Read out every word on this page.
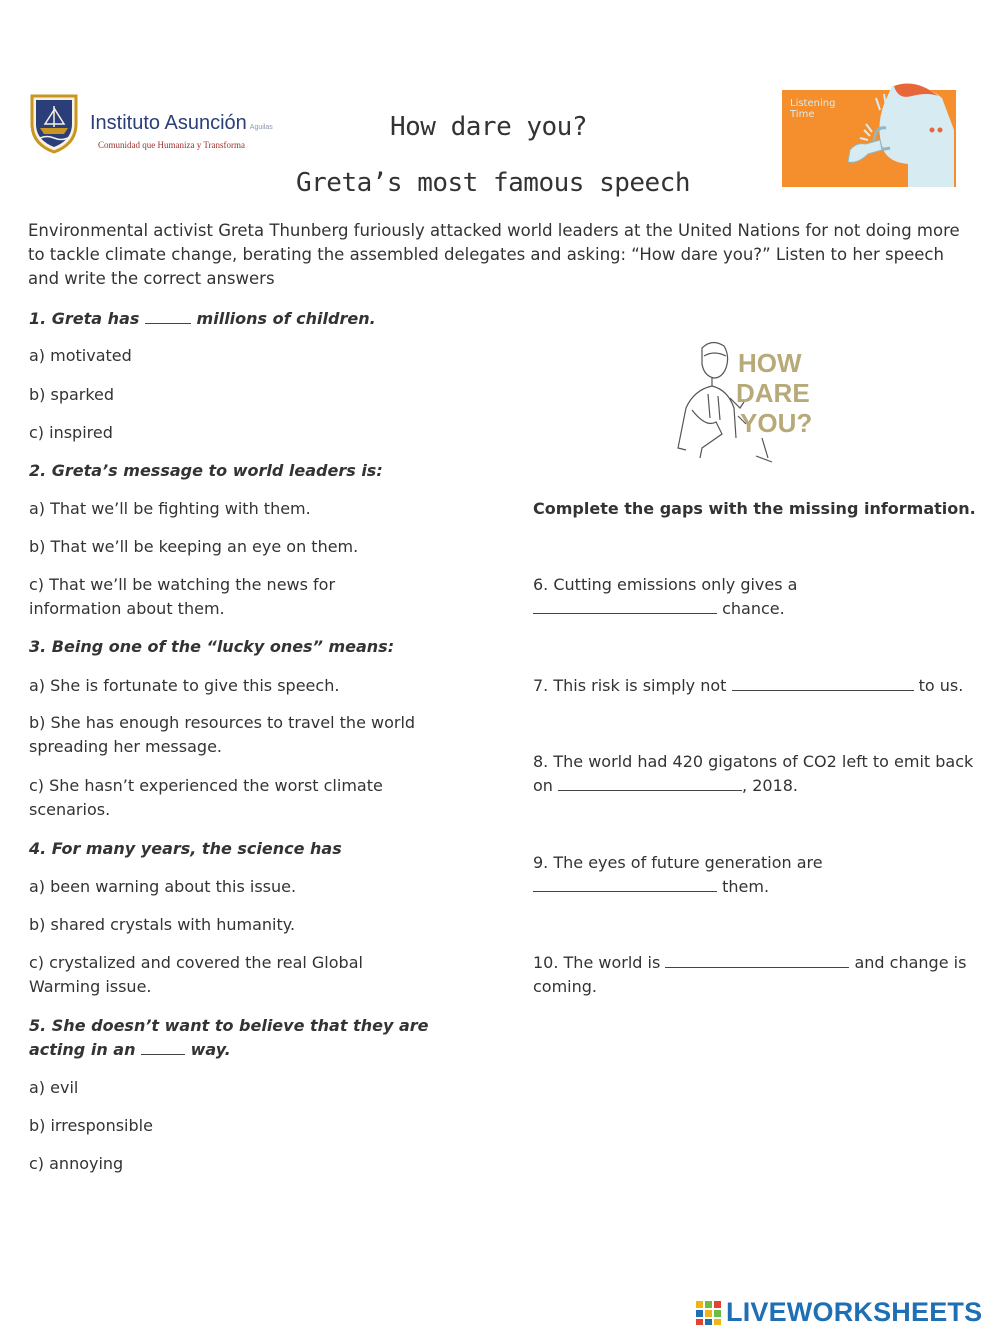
Instituto Asunción Aguilas
Comunidad que Humaniza y Transforma
How dare you?
Greta’s most famous speech
Listening Time
Environmental activist Greta Thunberg furiously attacked world leaders at the United Nations for not doing more to tackle climate change, berating the assembled delegates and asking: “How dare you?” Listen to her speech and write the correct answers
1. Greta has	millions of children.
a) motivated
b) sparked
c) inspired
2. Greta’s message to world leaders is:
a) That we’ll be fighting with them.
b) That we’ll be keeping an eye on them.
c) That we’ll be watching the news for information about them.
3. Being one of the “lucky ones” means:
a) She is fortunate to give this speech.
b) She has enough resources to travel the world spreading her message.
c) She hasn’t experienced the worst climate scenarios.
4. For many years, the science has
a) been warning about this issue.
b) shared crystals with humanity.
c) crystalized and covered the real Global Warming issue.
5. She doesn’t want to believe that they are acting in an	way.
a) evil
b) irresponsible
c) annoying
HOW
DARE
YOU?
Complete the gaps with the missing information.
6. Cutting emissions only gives a
chance.
7. This risk is simply not	to us.
8. The world had 420 gigatons of CO2 left to emit back on	, 2018.
9. The eyes of future generation are
them.
10. The world is	and change is coming.
LIVEWORKSHEETS
